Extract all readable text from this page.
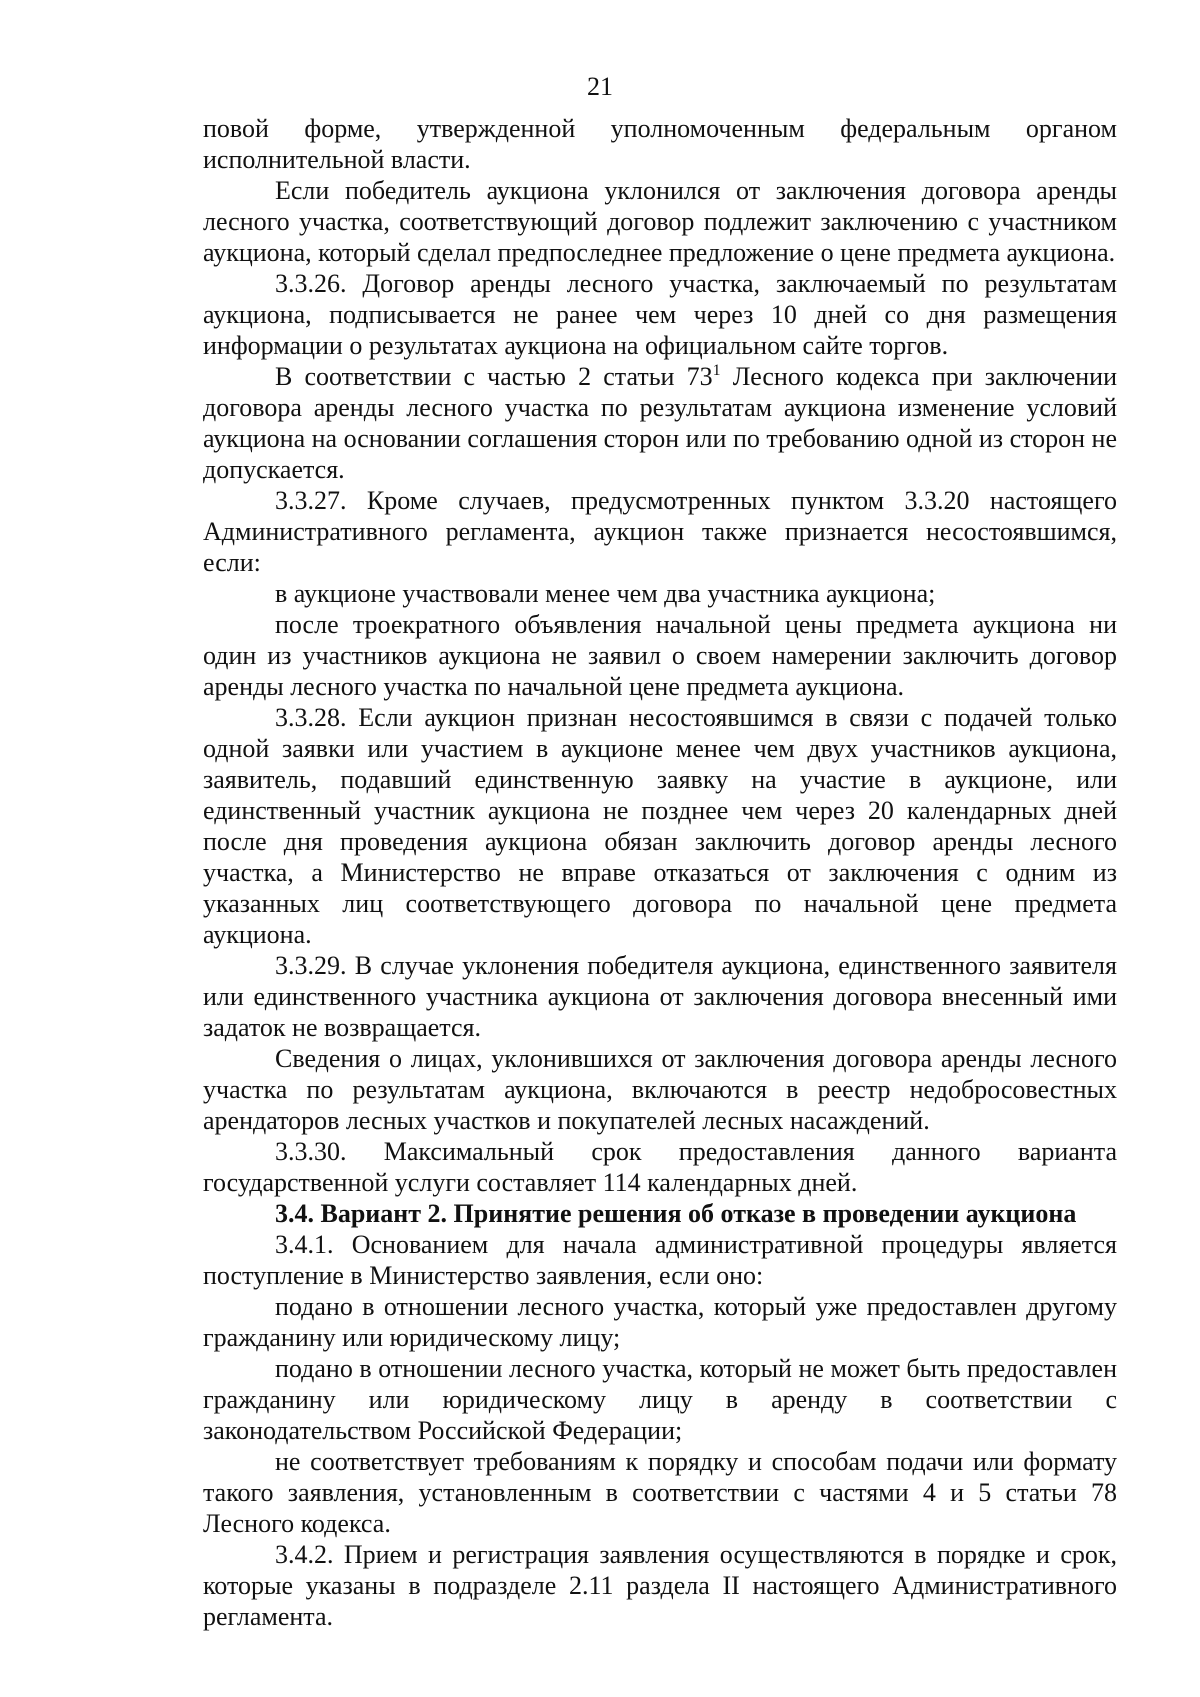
21

повой форме, утвержденной уполномоченным федеральным органом исполнительной власти.

Если победитель аукциона уклонился от заключения договора аренды лесного участка, соответствующий договор подлежит заключению с участником аукциона, который сделал предпоследнее предложение о цене предмета аукциона.

3.3.26. Договор аренды лесного участка, заключаемый по результатам аукциона, подписывается не ранее чем через 10 дней со дня размещения информации о результатах аукциона на официальном сайте торгов.

В соответствии с частью 2 статьи $73^1$ Лесного кодекса при заключении договора аренды лесного участка по результатам аукциона изменение условий аукциона на основании соглашения сторон или по требованию одной из сторон не допускается.

3.3.27. Кроме случаев, предусмотренных пунктом 3.3.20 настоящего Административного регламента, аукцион также признается несостоявшимся, если:

в аукционе участвовали менее чем два участника аукциона;

после троекратного объявления начальной цены предмета аукциона ни один из участников аукциона не заявил о своем намерении заключить договор аренды лесного участка по начальной цене предмета аукциона.

3.3.28. Если аукцион признан несостоявшимся в связи с подачей только одной заявки или участием в аукционе менее чем двух участников аукциона, заявитель, подавший единственную заявку на участие в аукционе, или единственный участник аукциона не позднее чем через 20 календарных дней после дня проведения аукциона обязан заключить договор аренды лесного участка, а Министерство не вправе отказаться от заключения с одним из указанных лиц соответствующего договора по начальной цене предмета аукциона.

3.3.29. В случае уклонения победителя аукциона, единственного заявителя или единственного участника аукциона от заключения договора внесенный ими задаток не возвращается.

Сведения о лицах, уклонившихся от заключения договора аренды лесного участка по результатам аукциона, включаются в реестр недобросовестных арендаторов лесных участков и покупателей лесных насаждений.

3.3.30. Максимальный срок предоставления данного варианта государственной услуги составляет 114 календарных дней.

3.4. Вариант 2. Принятие решения об отказе в проведении аукциона

3.4.1. Основанием для начала административной процедуры является поступление в Министерство заявления, если оно:

подано в отношении лесного участка, который уже предоставлен другому гражданину или юридическому лицу;

подано в отношении лесного участка, который не может быть предоставлен гражданину или юридическому лицу в аренду в соответствии с законодательством Российской Федерации;

не соответствует требованиям к порядку и способам подачи или формату такого заявления, установленным в соответствии с частями 4 и 5 статьи 78 Лесного кодекса.

3.4.2. Прием и регистрация заявления осуществляются в порядке и срок, которые указаны в подразделе 2.11 раздела II настоящего Административного регламента.
